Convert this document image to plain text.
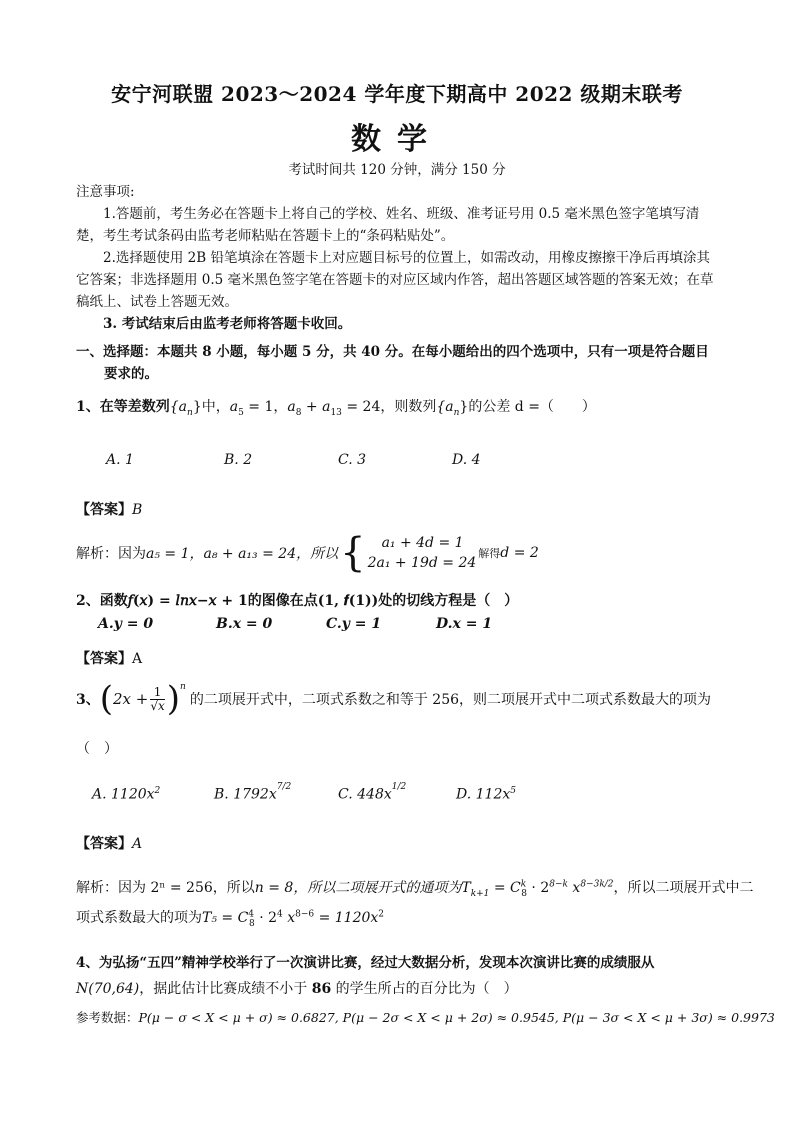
安宁河联盟 2023～2024 学年度下期高中 2022 级期末联考
数学
考试时间共 120 分钟，满分 150 分
注意事项:
1.答题前，考生务必在答题卡上将自己的学校、姓名、班级、准考证号用 0.5 毫米黑色签字笔填写清楚，考生考试条码由监考老师粘贴在答题卡上的“条码粘贴处”。
2.选择题使用 2B 铅笔填涂在答题卡上对应题目标号的位置上，如需改动，用橡皮擦擦干净后再填涂其它答案；非选择题用 0.5 毫米黑色签字笔在答题卡的对应区域内作答，超出答题区域答题的答案无效；在草稿纸上、试卷上答题无效。
3. 考试结束后由监考老师将答题卡收回。
一、选择题：本题共 8 小题，每小题 5 分，共 40 分。在每小题给出的四个选项中，只有一项是符合题目
要求的。
1、在等差数列$\{a_n\}$中，$a_5 = 1$，$a_8 + a_{13} = 24$，则数列$\{a_n\}$的公差 d =（　　）
A. 1	B. 2	C. 3	D. 4
【答案】B
解析：因为 a₅ = 1，a₈ + a₁₃ = 24，所以 {	a₁ + 4d = 1
2a₁ + 19d = 24
解得 d = 2
2、函数𝑓(𝑥) = 𝑙𝑛𝑥−𝑥 + 𝟏的图像在点(𝟏, 𝒇(𝟏))处的切线方程是（　）
A.y = 0	B.x = 0	C.y = 1	D.x = 1
【答案】A
3、 ( $2x + \frac{1}{√x} )^n$
的二项展开式中，二项式系数之和等于 256，则二项展开式中二项式系数最大的项为
（　）
A. $1120x^2$	B. $1792x^{7/2}$	C. $448x^{1/2}$	D. $112x^5$
【答案】A
解析：因为 2ⁿ = 256，所以n = 8，所以二项展开式的通项为$T_{k+1} = C^k_8 \cdot 2^{8-k}$ $x^{8-3k/2}$，所以二项展开式中二
项式系数最大的项为$T_5 = C^4_8 \cdot 2^4$ $x^{8-6} = 1120x^2$
4、为弘扬“五四”精神学校举行了一次演讲比赛，经过大数据分析，发现本次演讲比赛的成绩服从
N(70,64)，据此估计比赛成绩不小于 86 的学生所占的百分比为（　）
参考数据：P(μ − σ < X < μ + σ) ≈ 0.6827, P(μ − 2σ < X < μ + 2σ) ≈ 0.9545, P(μ − 3σ < X < μ + 3σ) ≈ 0.9973
